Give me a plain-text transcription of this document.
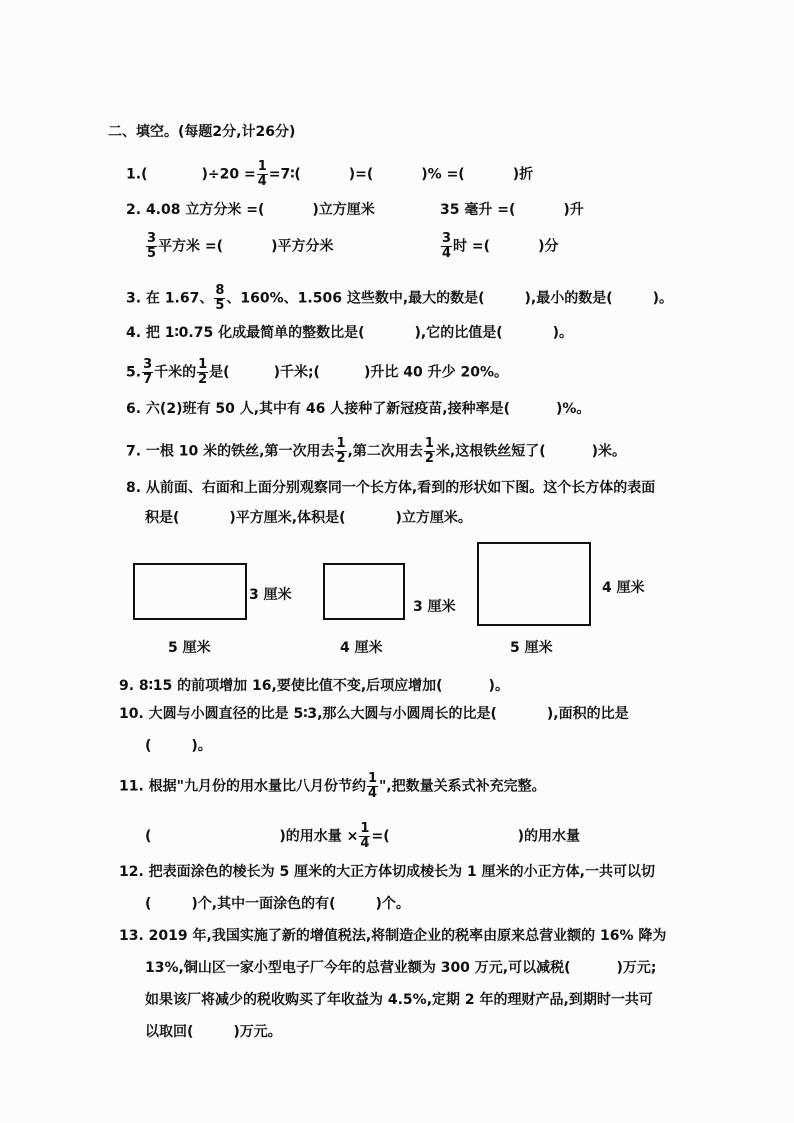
二、填空。(每题2分,计26分)
1.(	)$\div 20 = \frac{1}{4}$ =7∶(	)=(	)% =(	)折
2. 4.08 立方分米 =(	)立方厘米	35 毫升 =(	)升
$\frac{3}{5}$ 平方米 =(	)平方分米	$\frac{3}{4}$ 时 =(	)分
3. 在 1.67、 $\frac{8}{5}$ 、160%、1.506 这些数中,最大的数是(	),最小的数是(	)。
4. 把 1∶0.75 化成最简单的整数比是(	),它的比值是(	)。
5. $\frac{3}{7}$ 千米的 $\frac{1}{2}$ 是(	)千米;(	)升比 40 升少 20%。
6. 六(2)班有 50 人,其中有 46 人接种了新冠疫苗,接种率是(	)%。
7. 一根 10 米的铁丝,第一次用去 $\frac{1}{2}$ ,第二次用去 $\frac{1}{2}$ 米,这根铁丝短了(	)米。
8. 从前面、右面和上面分别观察同一个长方体,看到的形状如下图。这个长方体的表面
积是(	)平方厘米,体积是(	)立方厘米。
3 厘米
5 厘米
3 厘米
4 厘米
4 厘米
5 厘米
9. 8∶15 的前项增加 16,要使比值不变,后项应增加(	)。
10. 大圆与小圆直径的比是 5∶3,那么大圆与小圆周长的比是(	),面积的比是
(	)。
11. 根据"九月份的用水量比八月份节约 $\frac{1}{4}$ ",把数量关系式补充完整。
(	)的用水量 × $\frac{1}{4}$ =(	)的用水量
12. 把表面涂色的棱长为 5 厘米的大正方体切成棱长为 1 厘米的小正方体,一共可以切
(	)个,其中一面涂色的有(	)个。
13. 2019 年,我国实施了新的增值税法,将制造企业的税率由原来总营业额的 16% 降为
13%,铜山区一家小型电子厂今年的总营业额为 300 万元,可以减税(	)万元;
如果该厂将减少的税收购买了年收益为 4.5%,定期 2 年的理财产品,到期时一共可
以取回(	)万元。
